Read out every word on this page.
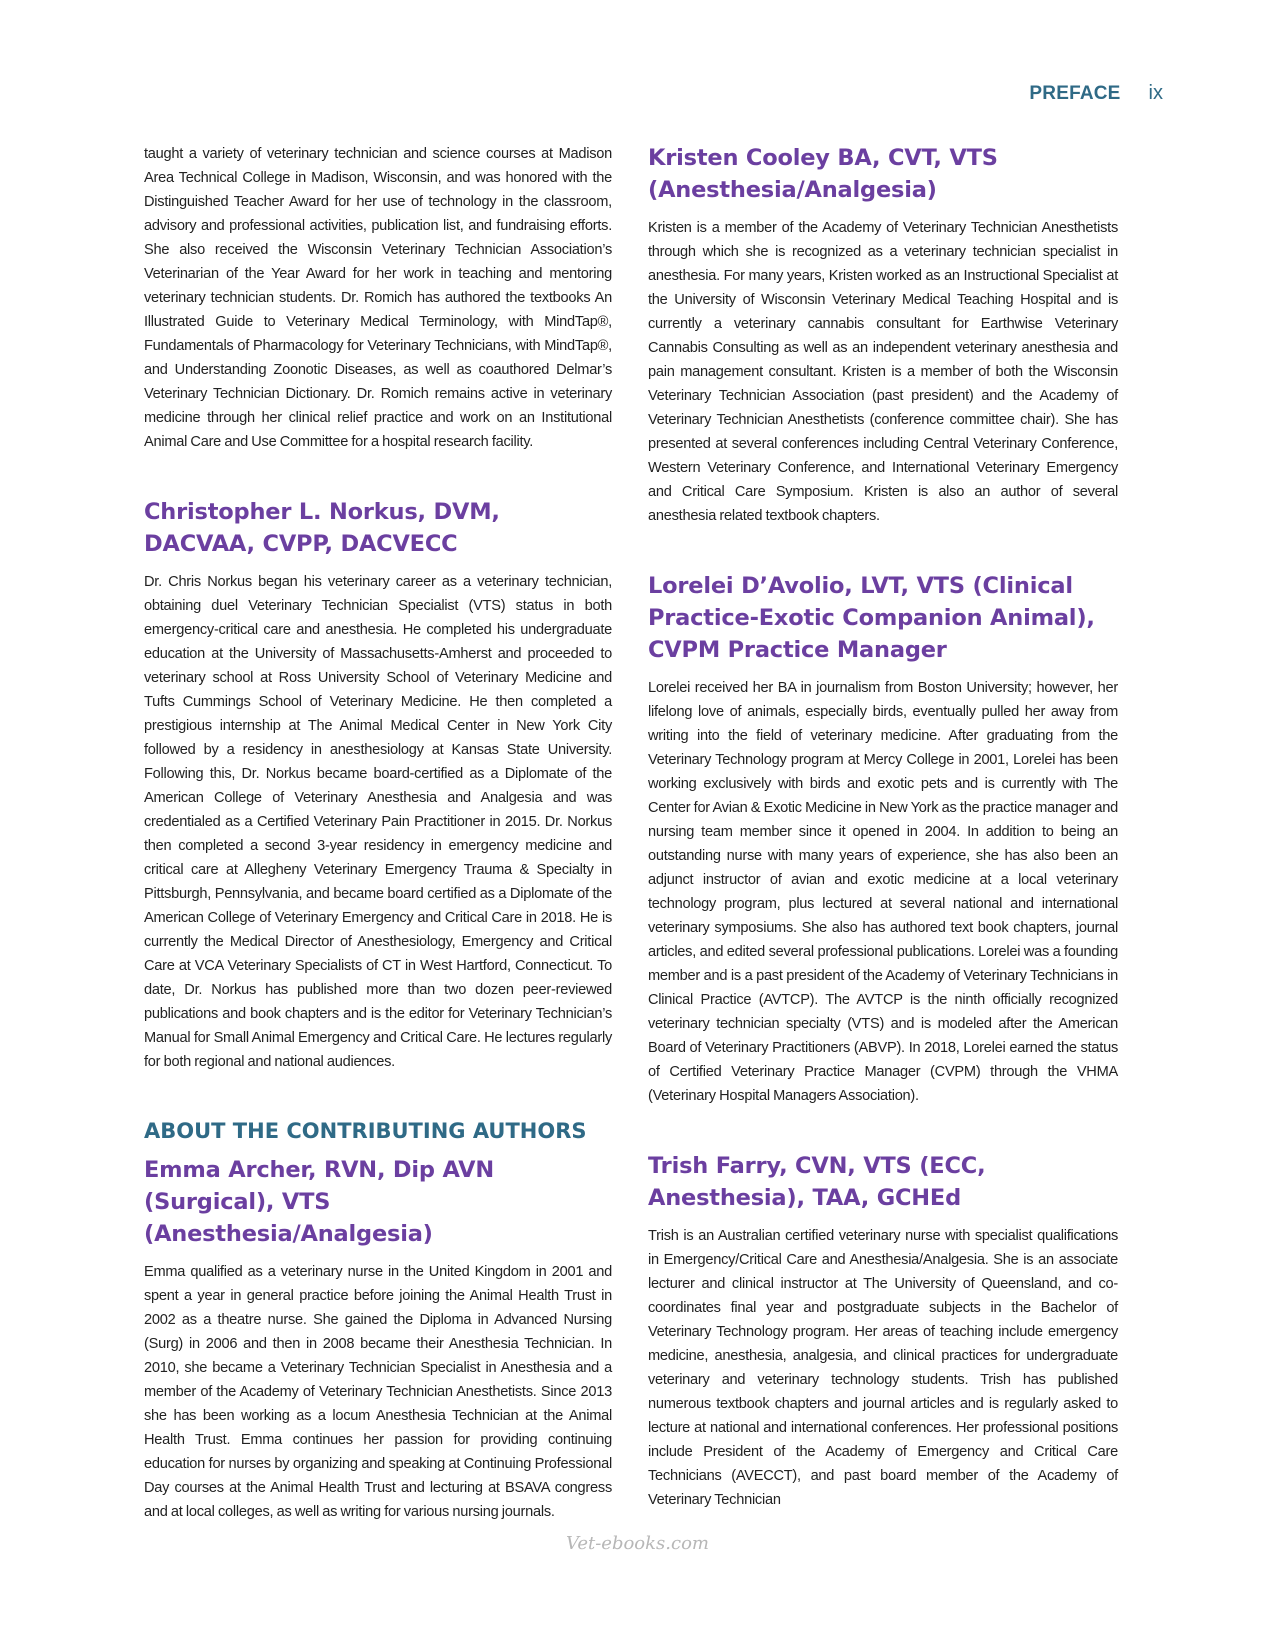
PREFACE ix

taught a variety of veterinary technician and science courses at Madison Area Technical College in Madison, Wisconsin, and was honored with the Distinguished Teacher Award for her use of technology in the classroom, advisory and professional activities, publication list, and fundraising efforts. She also received the Wisconsin Veterinary Technician Association’s Veterinarian of the Year Award for her work in teaching and mentoring veterinary technician students. Dr. Romich has authored the textbooks An Illustrated Guide to Veterinary Medical Terminology, with MindTap®, Fundamentals of Pharmacology for Veterinary Technicians, with MindTap®, and Understanding Zoonotic Diseases, as well as coauthored Delmar’s Veterinary Technician Dictionary. Dr. Romich remains active in veterinary medicine through her clinical relief practice and work on an Institutional Animal Care and Use Committee for a hospital research facility.

Christopher L. Norkus, DVM, DACVAA, CVPP, DACVECC

Dr. Chris Norkus began his veterinary career as a veterinary technician, obtaining duel Veterinary Technician Specialist (VTS) status in both emergency-critical care and anesthesia. He completed his undergraduate education at the University of Massachusetts-Amherst and proceeded to veterinary school at Ross University School of Veterinary Medicine and Tufts Cummings School of Veterinary Medicine. He then completed a prestigious internship at The Animal Medical Center in New York City followed by a residency in anesthesiology at Kansas State University. Following this, Dr. Norkus became board-certified as a Diplomate of the American College of Veterinary Anesthesia and Analgesia and was credentialed as a Certified Veterinary Pain Practitioner in 2015. Dr. Norkus then completed a second 3-year residency in emergency medicine and critical care at Allegheny Veterinary Emergency Trauma & Specialty in Pittsburgh, Pennsylvania, and became board certified as a Diplomate of the American College of Veterinary Emergency and Critical Care in 2018. He is currently the Medical Director of Anesthesiology, Emergency and Critical Care at VCA Veterinary Specialists of CT in West Hartford, Connecticut. To date, Dr. Norkus has published more than two dozen peer-reviewed publications and book chapters and is the editor for Veterinary Technician’s Manual for Small Animal Emergency and Critical Care. He lectures regularly for both regional and national audiences.

ABOUT THE CONTRIBUTING AUTHORS
Emma Archer, RVN, Dip AVN (Surgical), VTS (Anesthesia/Analgesia)

Emma qualified as a veterinary nurse in the United Kingdom in 2001 and spent a year in general practice before joining the Animal Health Trust in 2002 as a theatre nurse. She gained the Diploma in Advanced Nursing (Surg) in 2006 and then in 2008 became their Anesthesia Technician. In 2010, she became a Veterinary Technician Specialist in Anesthesia and a member of the Academy of Veterinary Technician Anesthetists. Since 2013 she has been working as a locum Anesthesia Technician at the Animal Health Trust. Emma continues her passion for providing continuing education for nurses by organizing and speaking at Continuing Professional Day courses at the Animal Health Trust and lecturing at BSAVA congress and at local colleges, as well as writing for various nursing journals.

Kristen Cooley BA, CVT, VTS (Anesthesia/Analgesia)

Kristen is a member of the Academy of Veterinary Technician Anesthetists through which she is recognized as a veterinary technician specialist in anesthesia. For many years, Kristen worked as an Instructional Specialist at the University of Wisconsin Veterinary Medical Teaching Hospital and is currently a veterinary cannabis consultant for Earthwise Veterinary Cannabis Consulting as well as an independent veterinary anesthesia and pain management consultant. Kristen is a member of both the Wisconsin Veterinary Technician Association (past president) and the Academy of Veterinary Technician Anesthetists (conference committee chair). She has presented at several conferences including Central Veterinary Conference, Western Veterinary Conference, and International Veterinary Emergency and Critical Care Symposium. Kristen is also an author of several anesthesia related textbook chapters.

Lorelei D’Avolio, LVT, VTS (Clinical Practice-Exotic Companion Animal), CVPM Practice Manager

Lorelei received her BA in journalism from Boston University; however, her lifelong love of animals, especially birds, eventually pulled her away from writing into the field of veterinary medicine. After graduating from the Veterinary Technology program at Mercy College in 2001, Lorelei has been working exclusively with birds and exotic pets and is currently with The Center for Avian & Exotic Medicine in New York as the practice manager and nursing team member since it opened in 2004. In addition to being an outstanding nurse with many years of experience, she has also been an adjunct instructor of avian and exotic medicine at a local veterinary technology program, plus lectured at several national and international veterinary symposiums. She also has authored text book chapters, journal articles, and edited several professional publications. Lorelei was a founding member and is a past president of the Academy of Veterinary Technicians in Clinical Practice (AVTCP). The AVTCP is the ninth officially recognized veterinary technician specialty (VTS) and is modeled after the American Board of Veterinary Practitioners (ABVP). In 2018, Lorelei earned the status of Certified Veterinary Practice Manager (CVPM) through the VHMA (Veterinary Hospital Managers Association).

Trish Farry, CVN, VTS (ECC, Anesthesia), TAA, GCHEd

Trish is an Australian certified veterinary nurse with specialist qualifications in Emergency/Critical Care and Anesthesia/Analgesia. She is an associate lecturer and clinical instructor at The University of Queensland, and co-coordinates final year and postgraduate subjects in the Bachelor of Veterinary Technology program. Her areas of teaching include emergency medicine, anesthesia, analgesia, and clinical practices for undergraduate veterinary and veterinary technology students. Trish has published numerous textbook chapters and journal articles and is regularly asked to lecture at national and international conferences. Her professional positions include President of the Academy of Emergency and Critical Care Technicians (AVECCT), and past board member of the Academy of Veterinary Technician

Vet-ebooks.com
